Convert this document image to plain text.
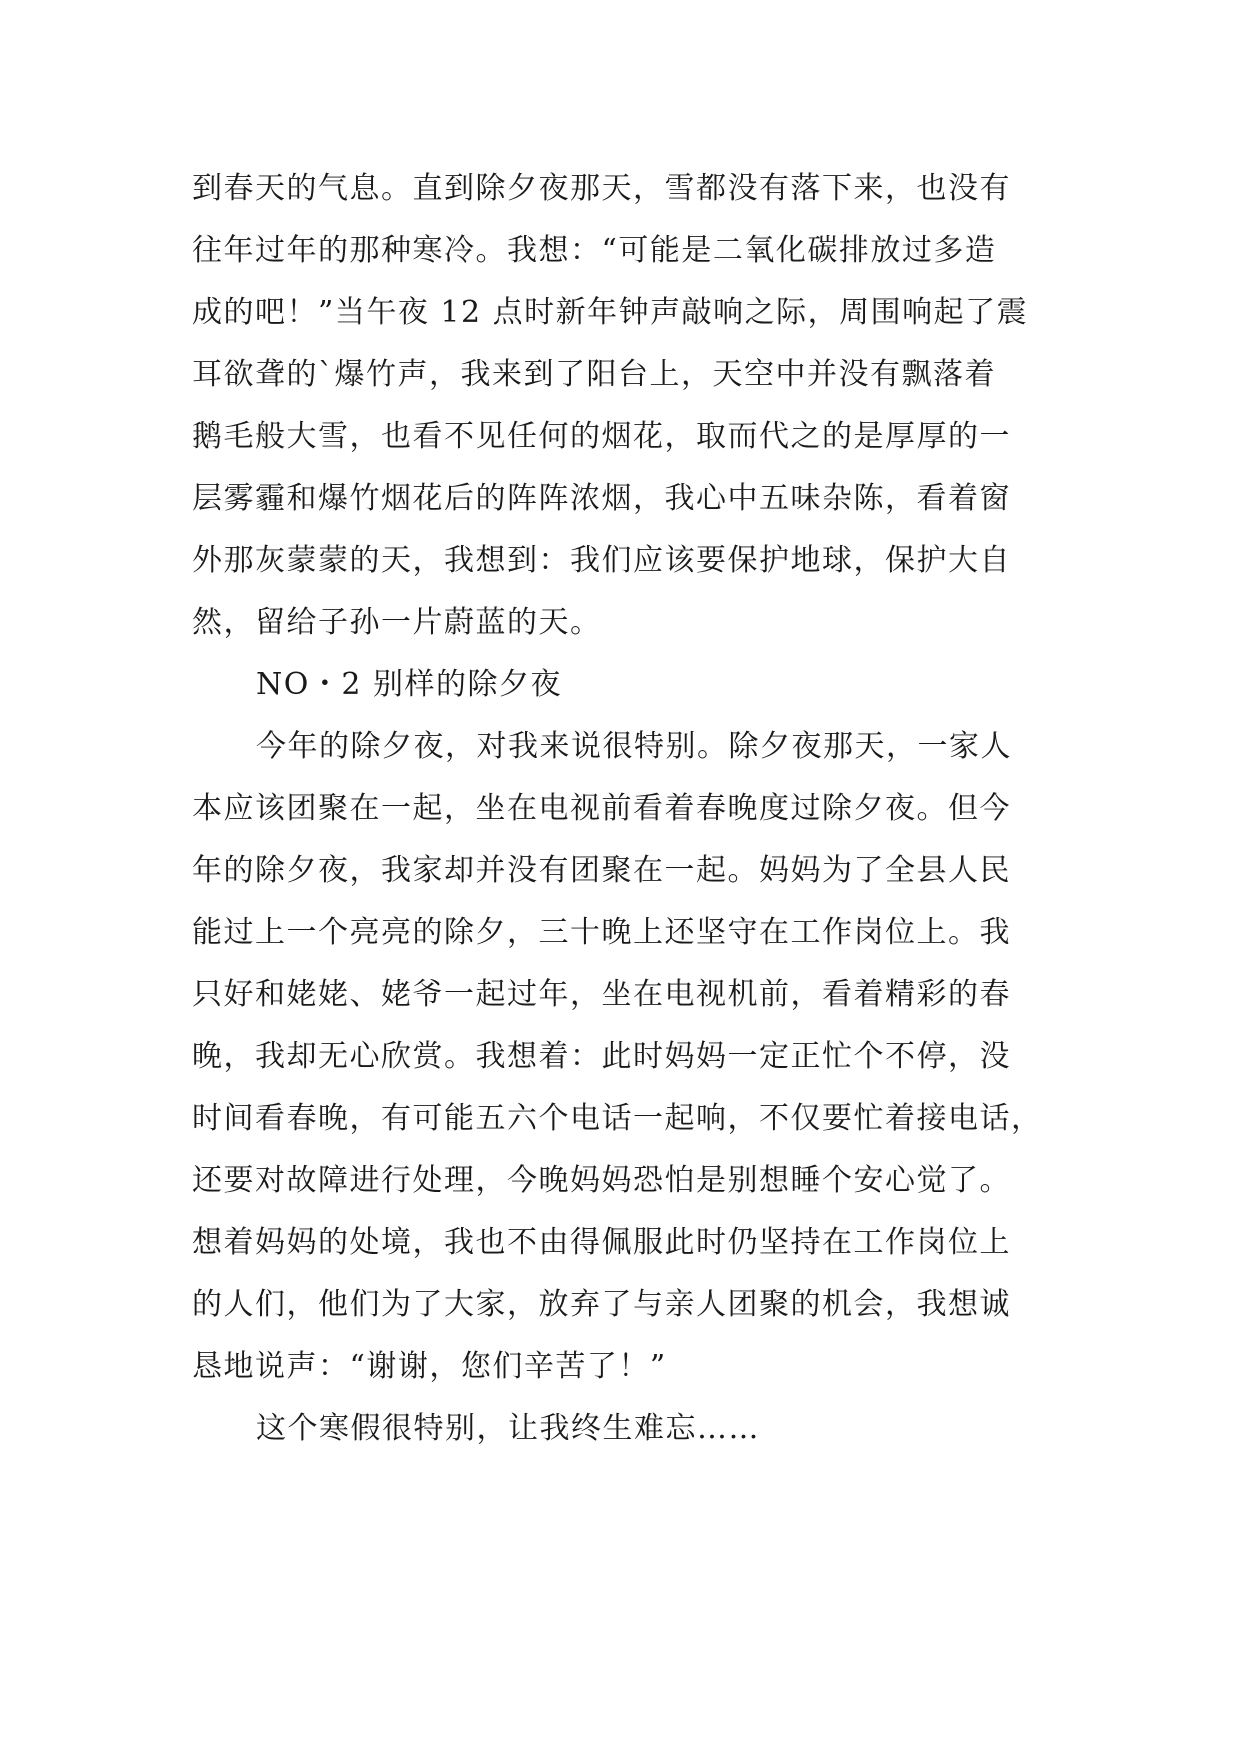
到春天的气息。直到除夕夜那天，雪都没有落下来，也没有
往年过年的那种寒冷。我想：“可能是二氧化碳排放过多造
成的吧！”当午夜 12 点时新年钟声敲响之际，周围响起了震
耳欲聋的`爆竹声，我来到了阳台上，天空中并没有飘落着
鹅毛般大雪，也看不见任何的烟花，取而代之的是厚厚的一
层雾霾和爆竹烟花后的阵阵浓烟，我心中五味杂陈，看着窗
外那灰蒙蒙的天，我想到：我们应该要保护地球，保护大自
然，留给子孙一片蔚蓝的天。
NO・2 别样的除夕夜
今年的除夕夜，对我来说很特别。除夕夜那天，一家人
本应该团聚在一起，坐在电视前看着春晚度过除夕夜。但今
年的除夕夜，我家却并没有团聚在一起。妈妈为了全县人民
能过上一个亮亮的除夕，三十晚上还坚守在工作岗位上。我
只好和姥姥、姥爷一起过年，坐在电视机前，看着精彩的春
晚，我却无心欣赏。我想着：此时妈妈一定正忙个不停，没
时间看春晚，有可能五六个电话一起响，不仅要忙着接电话，
还要对故障进行处理，今晚妈妈恐怕是别想睡个安心觉了。
想着妈妈的处境，我也不由得佩服此时仍坚持在工作岗位上
的人们，他们为了大家，放弃了与亲人团聚的机会，我想诚
恳地说声：“谢谢，您们辛苦了！”
这个寒假很特别，让我终生难忘……
